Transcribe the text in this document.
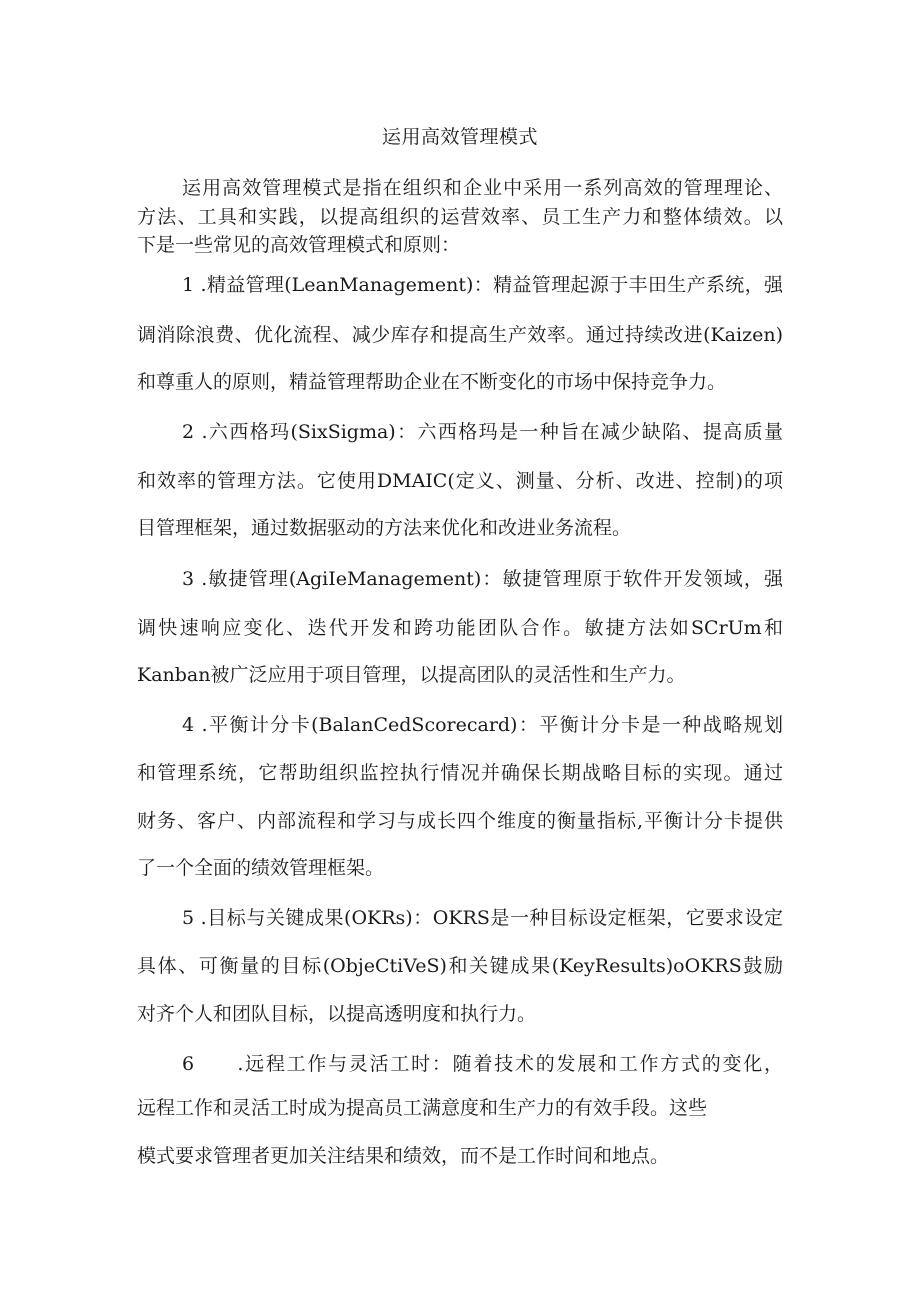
运用高效管理模式
运用高效管理模式是指在组织和企业中采用一系列高效的管理理论、
方法、工具和实践，以提高组织的运营效率、员工生产力和整体绩效。以
下是一些常见的高效管理模式和原则：
1 .精益管理(LeanManagement)：精益管理起源于丰田生产系统，强
调消除浪费、优化流程、减少库存和提高生产效率。通过持续改进(Kaizen)
和尊重人的原则，精益管理帮助企业在不断变化的市场中保持竞争力。
2 .六西格玛(SixSigma)：六西格玛是一种旨在减少缺陷、提高质量
和效率的管理方法。它使用DMAIC(定义、测量、分析、改进、控制)的项
目管理框架，通过数据驱动的方法来优化和改进业务流程。
3 .敏捷管理(AgiIeManagement)：敏捷管理原于软件开发领域，强
调快速响应变化、迭代开发和跨功能团队合作。敏捷方法如SCrUm和
Kanban被广泛应用于项目管理，以提高团队的灵活性和生产力。
4 .平衡计分卡(BalanCedScorecard)：平衡计分卡是一种战略规划
和管理系统，它帮助组织监控执行情况并确保长期战略目标的实现。通过
财务、客户、内部流程和学习与成长四个维度的衡量指标,平衡计分卡提供
了一个全面的绩效管理框架。
5 .目标与关键成果(OKRs)：OKRS是一种目标设定框架，它要求设定
具体、可衡量的目标(ObjeCtiVeS)和关键成果(KeyResults)oOKRS鼓励
对齐个人和团队目标，以提高透明度和执行力。
6　　.远程工作与灵活工时：随着技术的发展和工作方式的变化，
远程工作和灵活工时成为提高员工满意度和生产力的有效手段。这些
模式要求管理者更加关注结果和绩效，而不是工作时间和地点。
